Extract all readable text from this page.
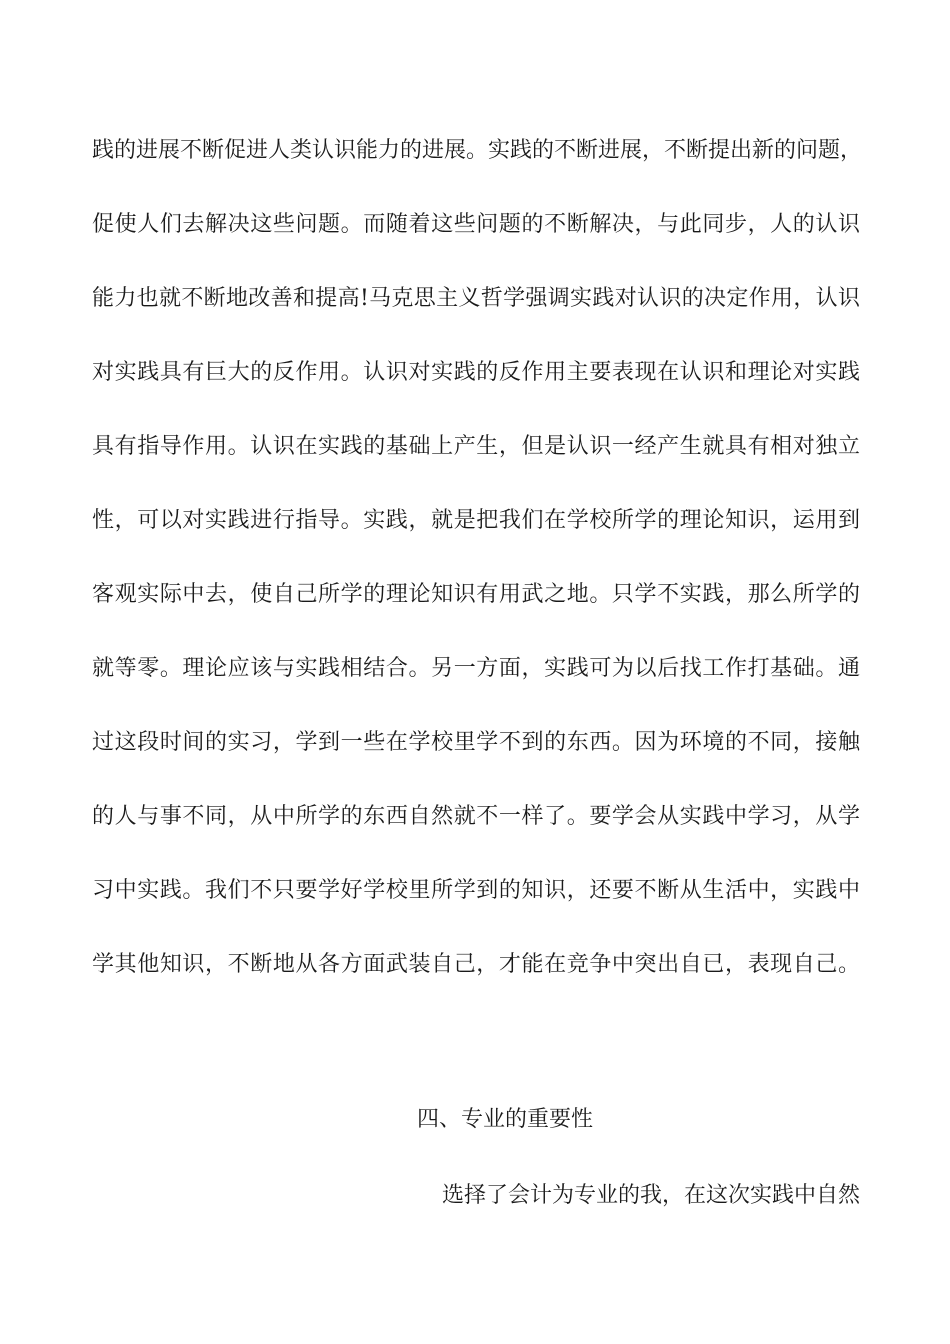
践的进展不断促进人类认识能力的进展。实践的不断进展，不断提出新的问题，
促使人们去解决这些问题。而随着这些问题的不断解决，与此同步，人的认识
能力也就不断地改善和提高!马克思主义哲学强调实践对认识的决定作用，认识
对实践具有巨大的反作用。认识对实践的反作用主要表现在认识和理论对实践
具有指导作用。认识在实践的基础上产生，但是认识一经产生就具有相对独立
性，可以对实践进行指导。实践，就是把我们在学校所学的理论知识，运用到
客观实际中去，使自己所学的理论知识有用武之地。只学不实践，那么所学的
就等零。理论应该与实践相结合。另一方面，实践可为以后找工作打基础。通
过这段时间的实习，学到一些在学校里学不到的东西。因为环境的不同，接触
的人与事不同，从中所学的东西自然就不一样了。要学会从实践中学习，从学
习中实践。我们不只要学好学校里所学到的知识，还要不断从生活中，实践中
学其他知识，不断地从各方面武装自己，才能在竞争中突出自已，表现自己。
四、专业的重要性

选择了会计为专业的我，在这次实践中自然
